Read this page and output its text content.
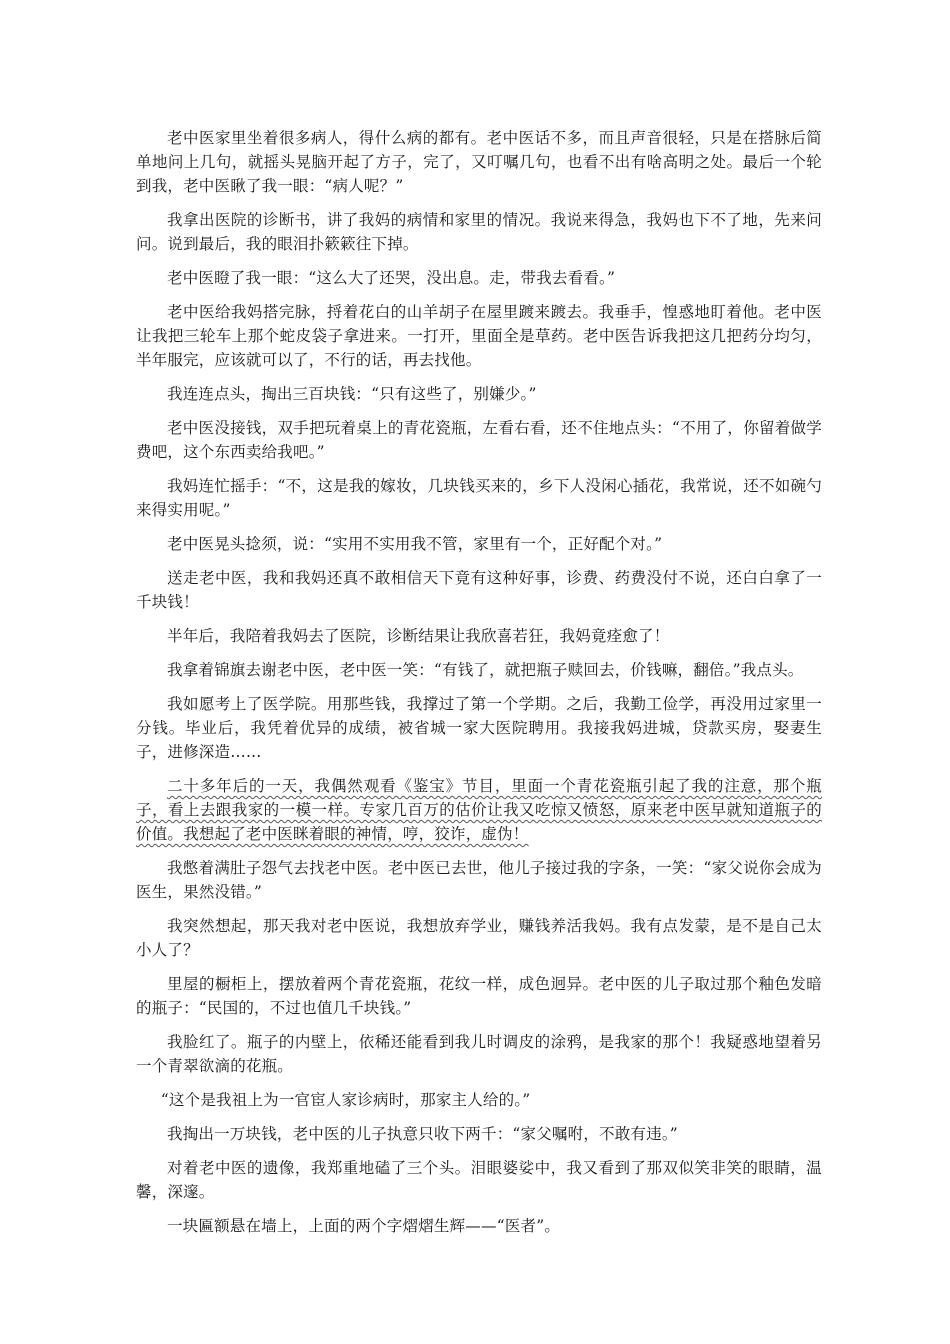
老中医家里坐着很多病人，得什么病的都有。老中医话不多，而且声音很轻，只是在搭脉后简单地问上几句，就摇头晃脑开起了方子，完了，又叮嘱几句，也看不出有啥高明之处。最后一个轮到我，老中医瞅了我一眼：“病人呢？”

我拿出医院的诊断书，讲了我妈的病情和家里的情况。我说来得急，我妈也下不了地，先来问问。说到最后，我的眼泪扑簌簌往下掉。

老中医瞪了我一眼：“这么大了还哭，没出息。走，带我去看看。”

老中医给我妈搭完脉，捋着花白的山羊胡子在屋里踱来踱去。我垂手，惶惑地盯着他。老中医让我把三轮车上那个蛇皮袋子拿进来。一打开，里面全是草药。老中医告诉我把这几把药分均匀，半年服完，应该就可以了，不行的话，再去找他。

我连连点头，掏出三百块钱：“只有这些了，别嫌少。”

老中医没接钱，双手把玩着桌上的青花瓷瓶，左看右看，还不住地点头：“不用了，你留着做学费吧，这个东西卖给我吧。”

我妈连忙摇手：“不，这是我的嫁妆，几块钱买来的，乡下人没闲心插花，我常说，还不如碗勺来得实用呢。”

老中医晃头捻须，说：“实用不实用我不管，家里有一个，正好配个对。”

送走老中医，我和我妈还真不敢相信天下竟有这种好事，诊费、药费没付不说，还白白拿了一千块钱！

半年后，我陪着我妈去了医院，诊断结果让我欣喜若狂，我妈竟痊愈了！

我拿着锦旗去谢老中医，老中医一笑：“有钱了，就把瓶子赎回去，价钱嘛，翻倍。”我点头。

我如愿考上了医学院。用那些钱，我撑过了第一个学期。之后，我勤工俭学，再没用过家里一分钱。毕业后，我凭着优异的成绩，被省城一家大医院聘用。我接我妈进城，贷款买房，娶妻生子，进修深造……

二十多年后的一天，我偶然观看《鉴宝》节目，里面一个青花瓷瓶引起了我的注意，那个瓶子，看上去跟我家的一模一样。专家几百万的估价让我又吃惊又愤怒，原来老中医早就知道瓶子的价值。我想起了老中医眯着眼的神情，哼，狡诈，虚伪！

我憋着满肚子怨气去找老中医。老中医已去世，他儿子接过我的字条，一笑：“家父说你会成为医生，果然没错。”

我突然想起，那天我对老中医说，我想放弃学业，赚钱养活我妈。我有点发蒙，是不是自己太小人了？

里屋的橱柜上，摆放着两个青花瓷瓶，花纹一样，成色迥异。老中医的儿子取过那个釉色发暗的瓶子：“民国的，不过也值几千块钱。”

我脸红了。瓶子的内壁上，依稀还能看到我儿时调皮的涂鸦，是我家的那个！我疑惑地望着另一个青翠欲滴的花瓶。

“这个是我祖上为一官宦人家诊病时，那家主人给的。”

我掏出一万块钱，老中医的儿子执意只收下两千：“家父嘱咐，不敢有违。”

对着老中医的遗像，我郑重地磕了三个头。泪眼婆娑中，我又看到了那双似笑非笑的眼睛，温馨，深邃。

一块匾额悬在墙上，上面的两个字熠熠生辉——“医者”。
